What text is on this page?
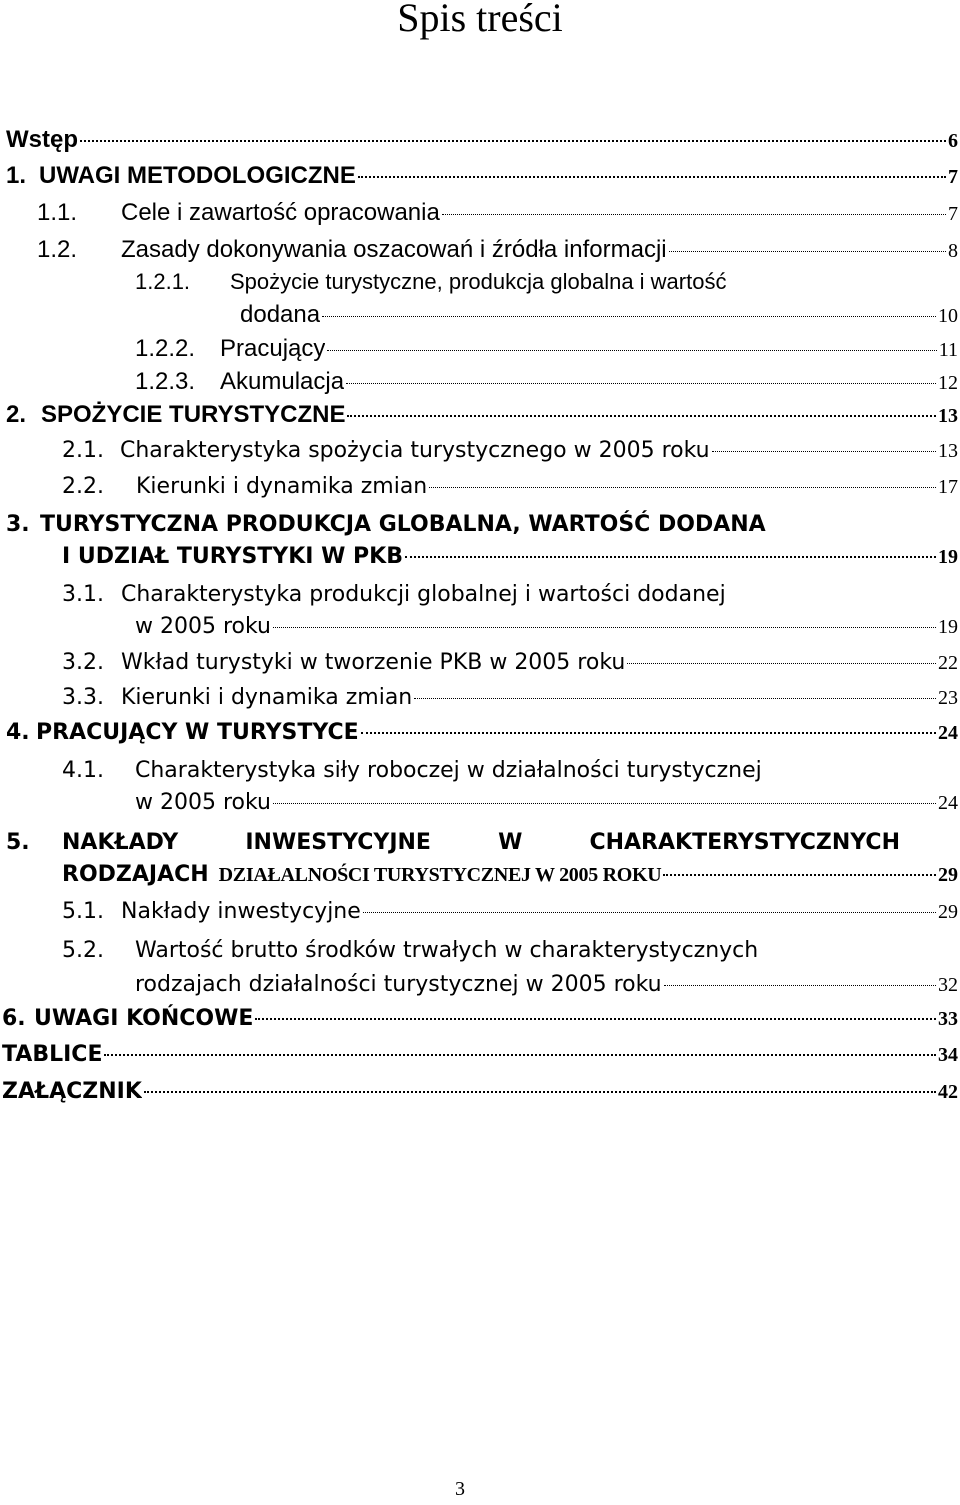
Spis treści
Wstęp	6
1. UWAGI METODOLOGICZNE	7
1.1.	Cele i zawartość opracowania	7
1.2.	Zasady dokonywania oszacowań i źródła informacji	8
1.2.1. Spożycie turystyczne, produkcja globalna i wartość
dodana	10
1.2.2.	Pracujący	11
1.2.3.	Akumulacja	12
2. SPOŻYCIE TURYSTYCZNE	13
2.1. Charakterystyka spożycia turystycznego w 2005 roku	13
2.2.	Kierunki i dynamika zmian	17
3. TURYSTYCZNA PRODUKCJA GLOBALNA, WARTOŚĆ DODANA
I UDZIAŁ TURYSTYKI W PKB	19
3.1. Charakterystyka produkcji globalnej i wartości dodanej
w 2005 roku	19
3.2. Wkład turystyki w tworzenie PKB w 2005 roku	22
3.3. Kierunki i dynamika zmian	23
4. PRACUJĄCY W TURYSTYCE	24
4.1. Charakterystyka siły roboczej w działalności turystycznej
w 2005 roku	24
5. NAKŁADY INWESTYCYJNE W CHARAKTERYSTYCZNYCH
RODZAJACH DZIAŁALNOŚCI TURYSTYCZNEJ W 2005 ROKU	29
5.1. Nakłady inwestycyjne	29
5.2. Wartość brutto środków trwałych w charakterystycznych
rodzajach działalności turystycznej w 2005 roku	32
6. UWAGI KOŃCOWE	33
TABLICE	34
ZAŁĄCZNIK	42
3
